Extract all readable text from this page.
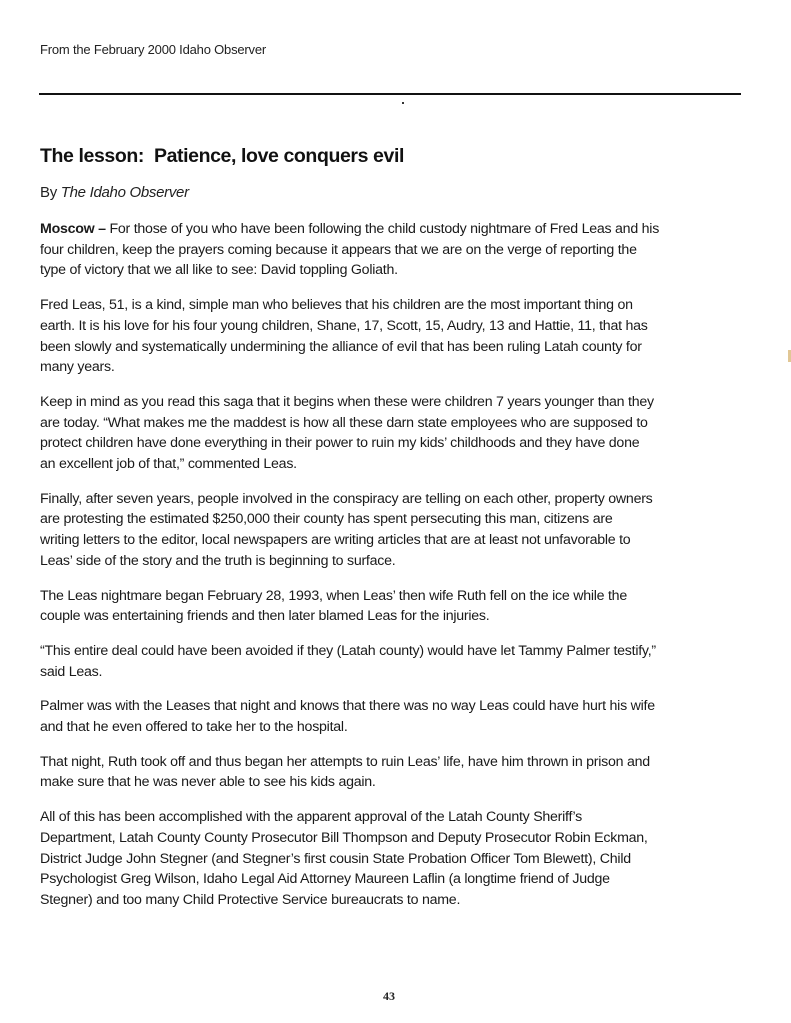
From the February 2000 Idaho Observer
The lesson:  Patience, love conquers evil
By The Idaho Observer

Moscow – For those of you who have been following the child custody nightmare of Fred Leas and his
four children, keep the prayers coming because it appears that we are on the verge of reporting the
type of victory that we all like to see: David toppling Goliath.

Fred Leas, 51, is a kind, simple man who believes that his children are the most important thing on
earth. It is his love for his four young children, Shane, 17, Scott, 15, Audry, 13 and Hattie, 11, that has
been slowly and systematically undermining the alliance of evil that has been ruling Latah county for
many years.

Keep in mind as you read this saga that it begins when these were children 7 years younger than they
are today. “What makes me the maddest is how all these darn state employees who are supposed to
protect children have done everything in their power to ruin my kids’ childhoods and they have done
an excellent job of that,” commented Leas.

Finally, after seven years, people involved in the conspiracy are telling on each other, property owners
are protesting the estimated $250,000 their county has spent persecuting this man, citizens are
writing letters to the editor, local newspapers are writing articles that are at least not unfavorable to
Leas’ side of the story and the truth is beginning to surface.

The Leas nightmare began February 28, 1993, when Leas’ then wife Ruth fell on the ice while the
couple was entertaining friends and then later blamed Leas for the injuries.

“This entire deal could have been avoided if they (Latah county) would have let Tammy Palmer testify,”
said Leas.

Palmer was with the Leases that night and knows that there was no way Leas could have hurt his wife
and that he even offered to take her to the hospital.

That night, Ruth took off and thus began her attempts to ruin Leas’ life, have him thrown in prison and
make sure that he was never able to see his kids again.

All of this has been accomplished with the apparent approval of the Latah County Sheriff’s
Department, Latah County County Prosecutor Bill Thompson and Deputy Prosecutor Robin Eckman,
District Judge John Stegner (and Stegner’s first cousin State Probation Officer Tom Blewett), Child
Psychologist Greg Wilson, Idaho Legal Aid Attorney Maureen Laflin (a longtime friend of Judge
Stegner) and too many Child Protective Service bureaucrats to name.

43
